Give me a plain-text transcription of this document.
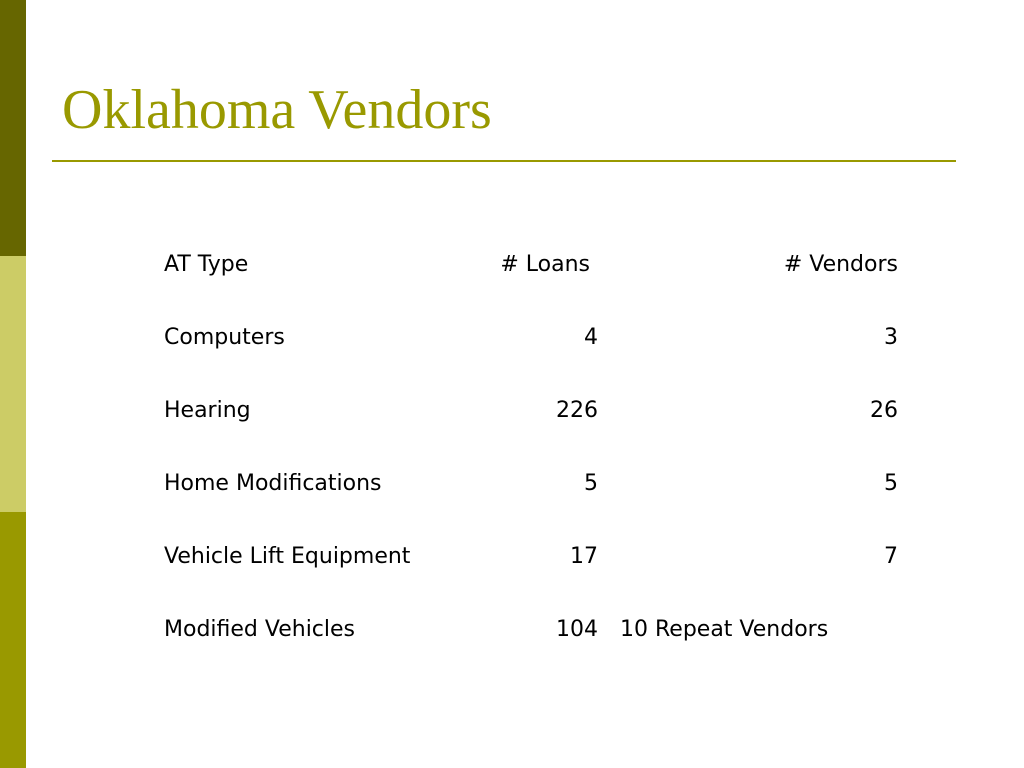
Oklahoma Vendors
AT Type	# Loans	# Vendors
Computers	4	3
Hearing	226	26
Home Modifications	5	5
Vehicle Lift Equipment	17	7
Modified Vehicles	104	10 Repeat Vendors
